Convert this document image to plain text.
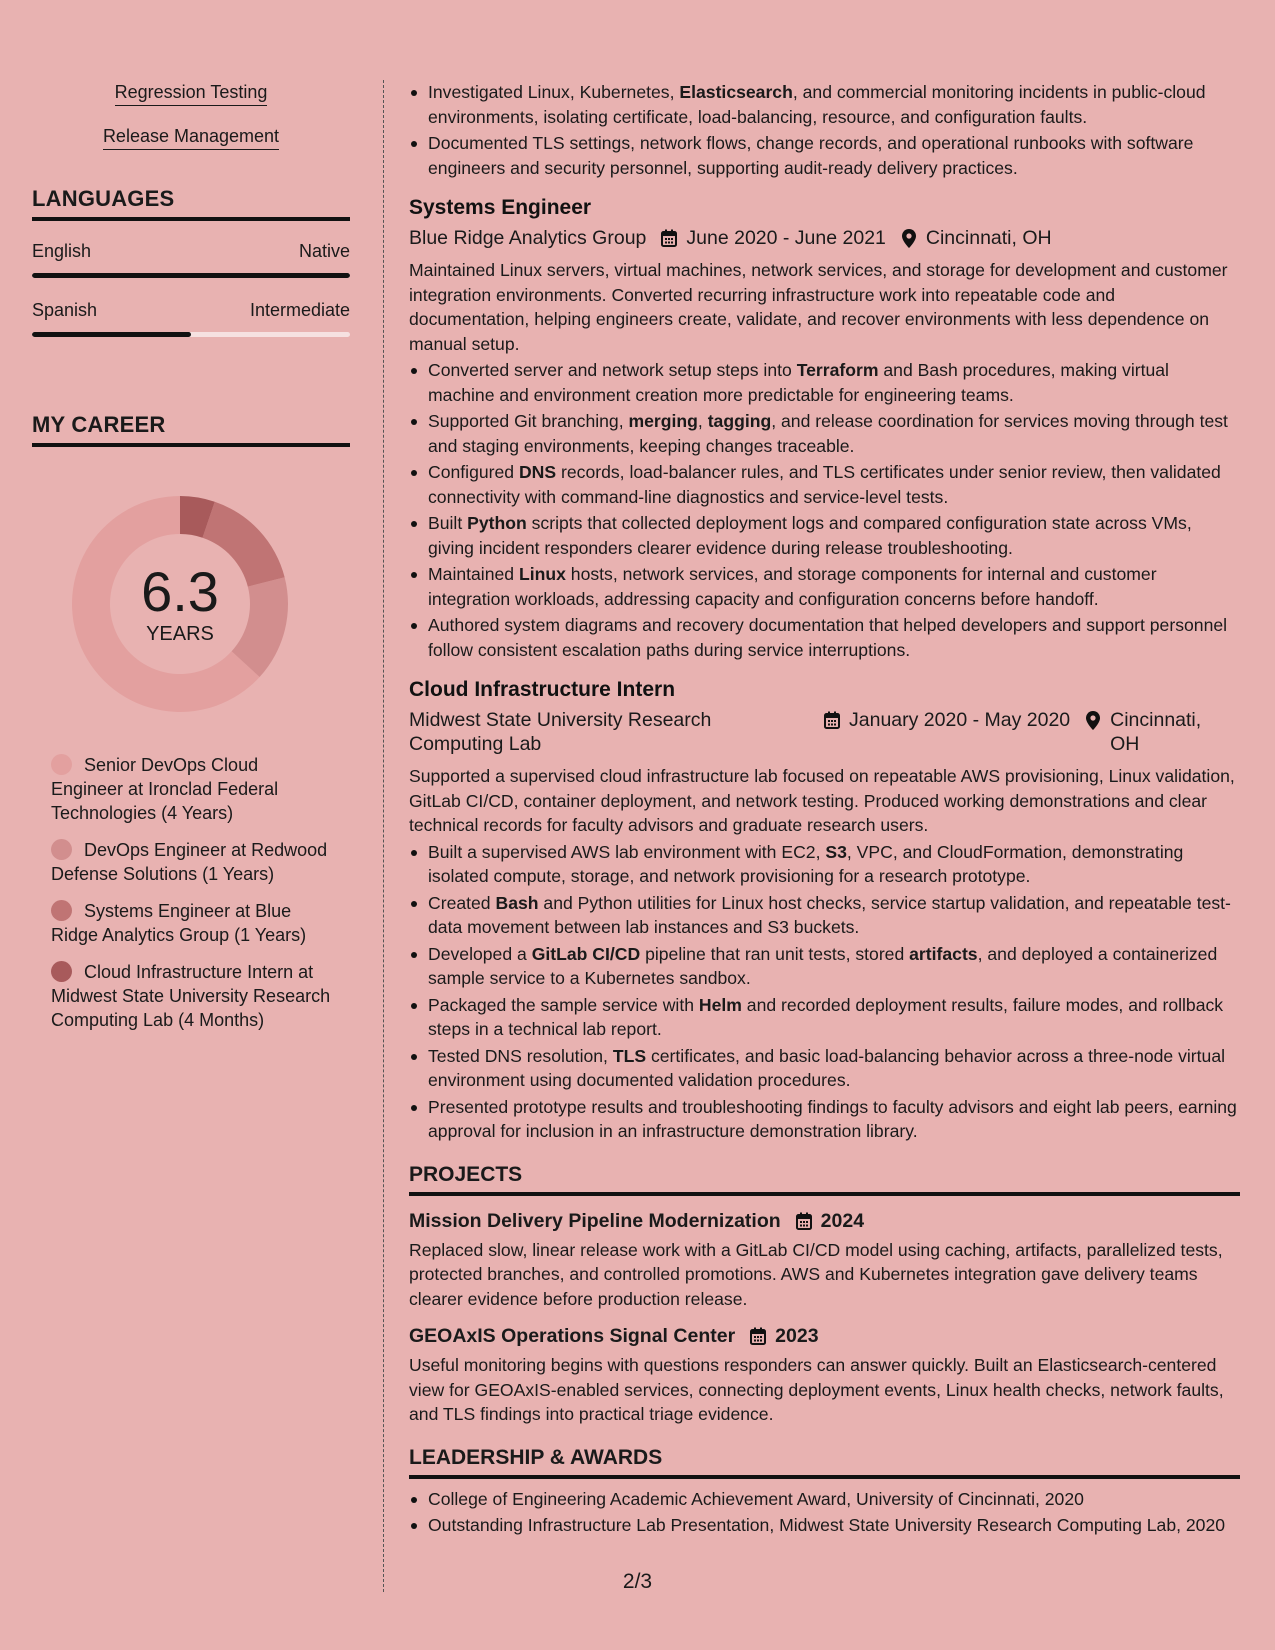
Regression Testing
Release Management
LANGUAGES
English	Native
Spanish	Intermediate
MY CAREER
6.3
YEARS
Senior DevOps Cloud Engineer at Ironclad Federal Technologies (4 Years)
DevOps Engineer at Redwood Defense Solutions (1 Years)
Systems Engineer at Blue Ridge Analytics Group (1 Years)
Cloud Infrastructure Intern at Midwest State University Research Computing Lab (4 Months)
Investigated Linux, Kubernetes, Elasticsearch, and commercial monitoring incidents in public-cloud environments, isolating certificate, load-balancing, resource, and configuration faults.
Documented TLS settings, network flows, change records, and operational runbooks with software engineers and security personnel, supporting audit-ready delivery practices.
Systems Engineer
Blue Ridge Analytics Group June 2020 - June 2021 Cincinnati, OH
Maintained Linux servers, virtual machines, network services, and storage for development and customer integration environments. Converted recurring infrastructure work into repeatable code and documentation, helping engineers create, validate, and recover environments with less dependence on manual setup.
Converted server and network setup steps into Terraform and Bash procedures, making virtual machine and environment creation more predictable for engineering teams.
Supported Git branching, merging, tagging, and release coordination for services moving through test and staging environments, keeping changes traceable.
Configured DNS records, load-balancer rules, and TLS certificates under senior review, then validated connectivity with command-line diagnostics and service-level tests.
Built Python scripts that collected deployment logs and compared configuration state across VMs, giving incident responders clearer evidence during release troubleshooting.
Maintained Linux hosts, network services, and storage components for internal and customer integration workloads, addressing capacity and configuration concerns before handoff.
Authored system diagrams and recovery documentation that helped developers and support personnel follow consistent escalation paths during service interruptions.
Cloud Infrastructure Intern
Midwest State University Research Computing Lab
January 2020 - May 2020 Cincinnati, OH
Supported a supervised cloud infrastructure lab focused on repeatable AWS provisioning, Linux validation, GitLab CI/CD, container deployment, and network testing. Produced working demonstrations and clear technical records for faculty advisors and graduate research users.
Built a supervised AWS lab environment with EC2, S3, VPC, and CloudFormation, demonstrating isolated compute, storage, and network provisioning for a research prototype.
Created Bash and Python utilities for Linux host checks, service startup validation, and repeatable test-data movement between lab instances and S3 buckets.
Developed a GitLab CI/CD pipeline that ran unit tests, stored artifacts, and deployed a containerized sample service to a Kubernetes sandbox.
Packaged the sample service with Helm and recorded deployment results, failure modes, and rollback steps in a technical lab report.
Tested DNS resolution, TLS certificates, and basic load-balancing behavior across a three-node virtual environment using documented validation procedures.
Presented prototype results and troubleshooting findings to faculty advisors and eight lab peers, earning approval for inclusion in an infrastructure demonstration library.
PROJECTS
Mission Delivery Pipeline Modernization 2024
Replaced slow, linear release work with a GitLab CI/CD model using caching, artifacts, parallelized tests, protected branches, and controlled promotions. AWS and Kubernetes integration gave delivery teams clearer evidence before production release.
GEOAxIS Operations Signal Center 2023
Useful monitoring begins with questions responders can answer quickly. Built an Elasticsearch-centered view for GEOAxIS-enabled services, connecting deployment events, Linux health checks, network faults, and TLS findings into practical triage evidence.
LEADERSHIP & AWARDS
College of Engineering Academic Achievement Award, University of Cincinnati, 2020
Outstanding Infrastructure Lab Presentation, Midwest State University Research Computing Lab, 2020
2/3
